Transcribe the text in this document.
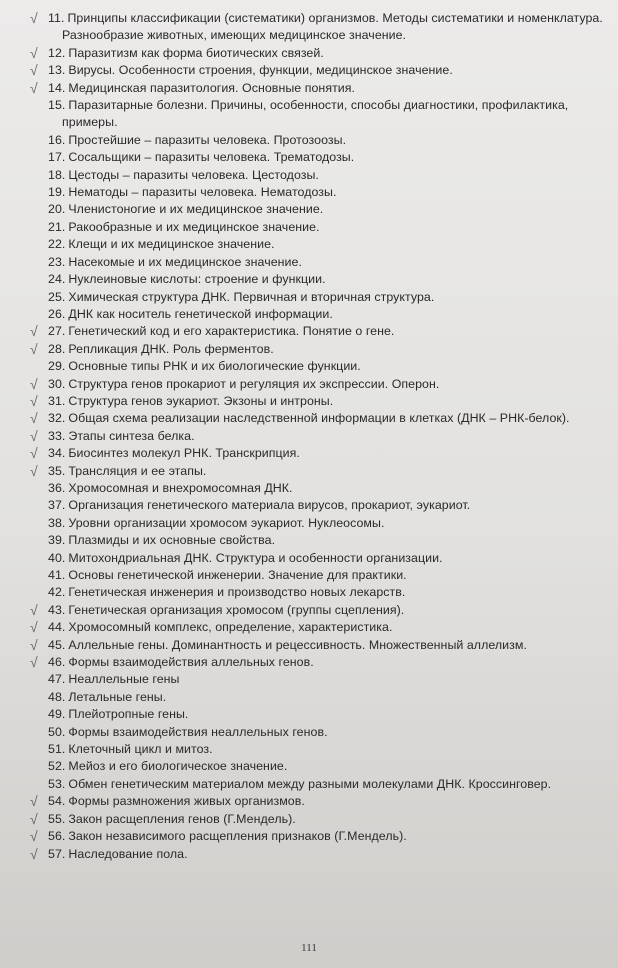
√ 11. Принципы классификации (систематики) организмов. Методы систематики и номенклатура. Разнообразие животных, имеющих медицинское значение.
√ 12. Паразитизм как форма биотических связей.
√ 13. Вирусы. Особенности строения, функции, медицинское значение.
√ 14. Медицинская паразитология. Основные понятия.
15. Паразитарные болезни. Причины, особенности, способы диагностики, профилактика, примеры.
16. Простейшие – паразиты человека. Протозоозы.
17. Сосальщики – паразиты человека. Трематодозы.
18. Цестоды – паразиты человека. Цестодозы.
19. Нематоды – паразиты человека. Нематодозы.
20. Членистоногие и их медицинское значение.
21. Ракообразные и их медицинское значение.
22. Клещи и их медицинское значение.
23. Насекомые и их медицинское значение.
24. Нуклеиновые кислоты: строение и функции.
25. Химическая структура ДНК. Первичная и вторичная структура.
26. ДНК как носитель генетической информации.
√ 27. Генетический код и его характеристика. Понятие о гене.
√ 28. Репликация ДНК. Роль ферментов.
29. Основные типы РНК и их биологические функции.
√ 30. Структура генов прокариот и регуляция их экспрессии. Оперон.
√ 31. Структура генов эукариот. Экзоны и интроны.
√ 32. Общая схема реализации наследственной информации в клетках (ДНК – РНК-белок).
√ 33. Этапы синтеза белка.
√ 34. Биосинтез молекул РНК. Транскрипция.
√ 35. Трансляция и ее этапы.
36. Хромосомная и внехромосомная ДНК.
37. Организация генетического материала вирусов, прокариот, эукариот.
38. Уровни организации хромосом эукариот. Нуклеосомы.
39. Плазмиды и их основные свойства.
40. Митохондриальная ДНК. Структура и особенности организации.
41. Основы генетической инженерии. Значение для практики.
42. Генетическая инженерия и производство новых лекарств.
√ 43. Генетическая организация хромосом (группы сцепления).
√ 44. Хромосомный комплекс, определение, характеристика.
√ 45. Аллельные гены. Доминантность и рецессивность. Множественный аллелизм.
√ 46. Формы взаимодействия аллельных генов.
47. Неаллельные гены
48. Летальные гены.
49. Плейотропные гены.
50. Формы взаимодействия неаллельных генов.
51. Клеточный цикл и митоз.
52. Мейоз и его биологическое значение.
53. Обмен генетическим материалом между разными молекулами ДНК. Кроссинговер.
√ 54. Формы размножения живых организмов.
√ 55. Закон расщепления генов (Г.Мендель).
√ 56. Закон независимого расщепления признаков (Г.Мендель).
√ 57. Наследование пола.
111
